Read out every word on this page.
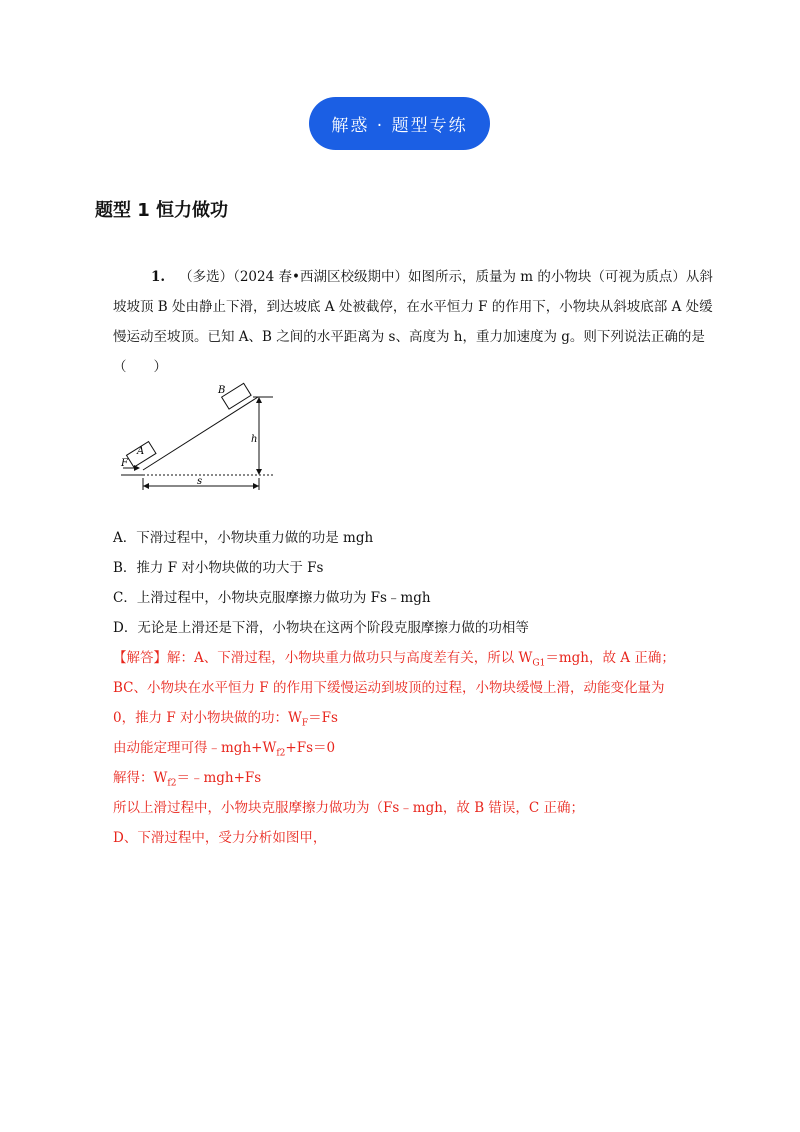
解惑 · 题型专练
题型 1 恒力做功
1. （多选）（2024 春•西湖区校级期中）如图所示，质量为 m 的小物块（可视为质点）从斜坡坡顶 B 处由静止下滑，到达坡底 A 处被截停，在水平恒力 F 的作用下，小物块从斜坡底部 A 处缓慢运动至坡顶。已知 A、B 之间的水平距离为 s、高度为 h，重力加速度为 g。则下列说法正确的是（　　）
B
A
F
h
s
A．下滑过程中，小物块重力做的功是 mgh
B．推力 F 对小物块做的功大于 Fs
C．上滑过程中，小物块克服摩擦力做功为 Fs﹣mgh
D．无论是上滑还是下滑，小物块在这两个阶段克服摩擦力做的功相等
【解答】解：A、下滑过程，小物块重力做功只与高度差有关，所以 $W_{G1}=mgh$，故 A 正确；
BC、小物块在水平恒力 F 的作用下缓慢运动到坡顶的过程，小物块缓慢上滑，动能变化量为
0，推力 F 对小物块做的功：$W_F=Fs$
由动能定理可得$﹣mgh+W_{f2}+Fs=0$
解得：$W_{f2}=﹣mgh+Fs$
所以上滑过程中，小物块克服摩擦力做功为（Fs﹣mgh，故 B 错误，C 正确；
D、下滑过程中，受力分析如图甲，
